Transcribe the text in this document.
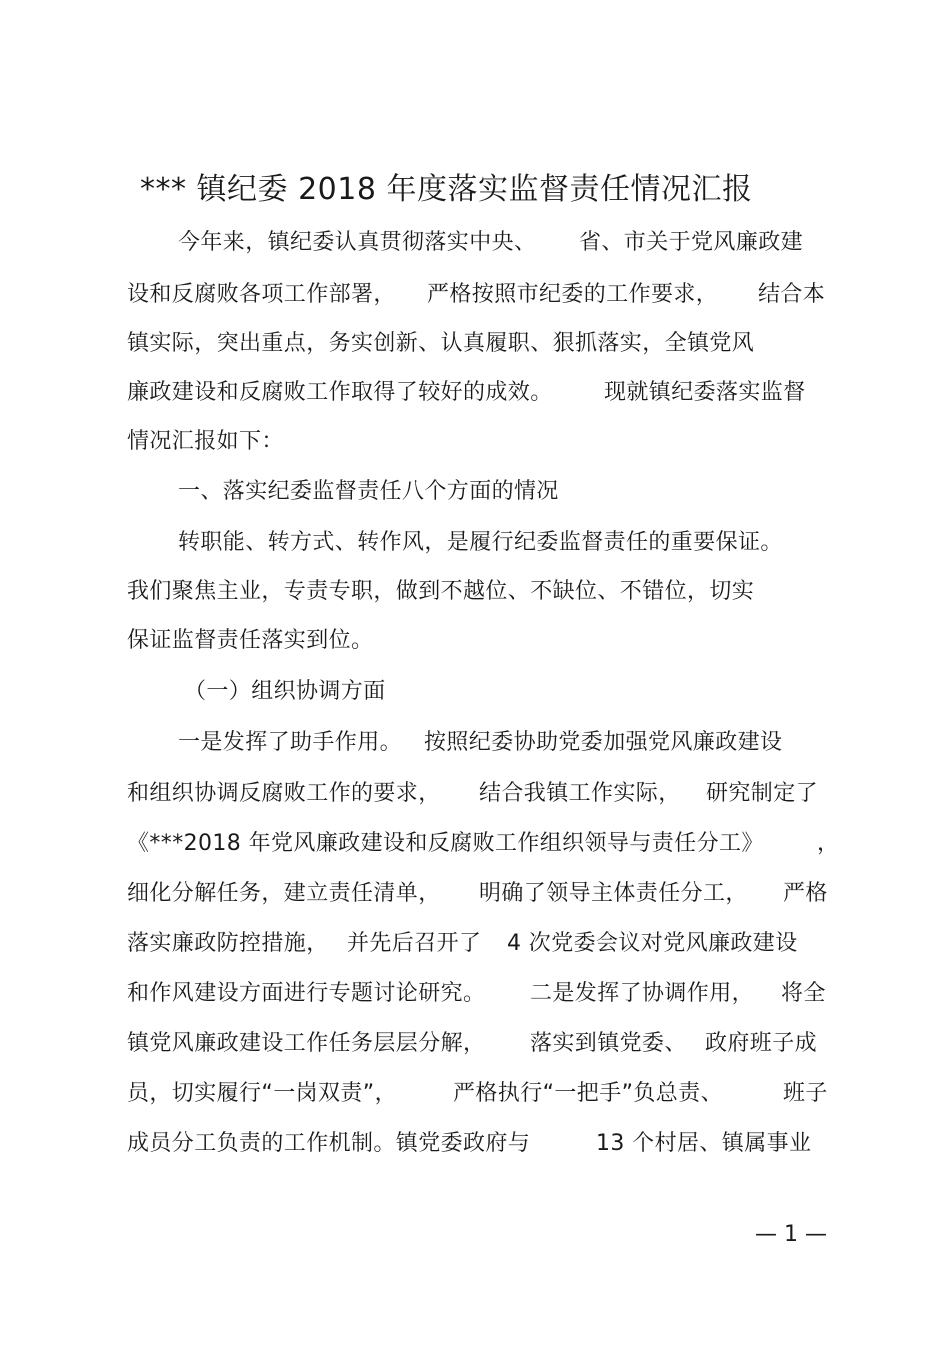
*** 镇纪委 2018 年度落实监督责任情况汇报
今年来，镇纪委认真贯彻落实中央、 省、市关于党风廉政建
设和反腐败各项工作部署， 严格按照市纪委的工作要求， 结合本
镇实际，突出重点，务实创新、认真履职、狠抓落实，全镇党风
廉政建设和反腐败工作取得了较好的成效。 现就镇纪委落实监督
情况汇报如下：
一、落实纪委监督责任八个方面的情况
转职能、转方式、转作风，是履行纪委监督责任的重要保证。
我们聚焦主业，专责专职，做到不越位、不缺位、不错位，切实
保证监督责任落实到位。
（一）组织协调方面
一是发挥了助手作用。 按照纪委协助党委加强党风廉政建设
和组织协调反腐败工作的要求， 结合我镇工作实际， 研究制定了
《***2018 年党风廉政建设和反腐败工作组织领导与责任分工》 ，
细化分解任务，建立责任清单， 明确了领导主体责任分工， 严格
落实廉政防控措施， 并先后召开了 4 次党委会议对党风廉政建设
和作风建设方面进行专题讨论研究。 二是发挥了协调作用， 将全
镇党风廉政建设工作任务层层分解， 落实到镇党委、 政府班子成
员，切实履行“一岗双责”，	严格执行“一把手”负总责、	班子
成员分工负责的工作机制。镇党委政府与	13 个村居、镇属事业
— 1 —
